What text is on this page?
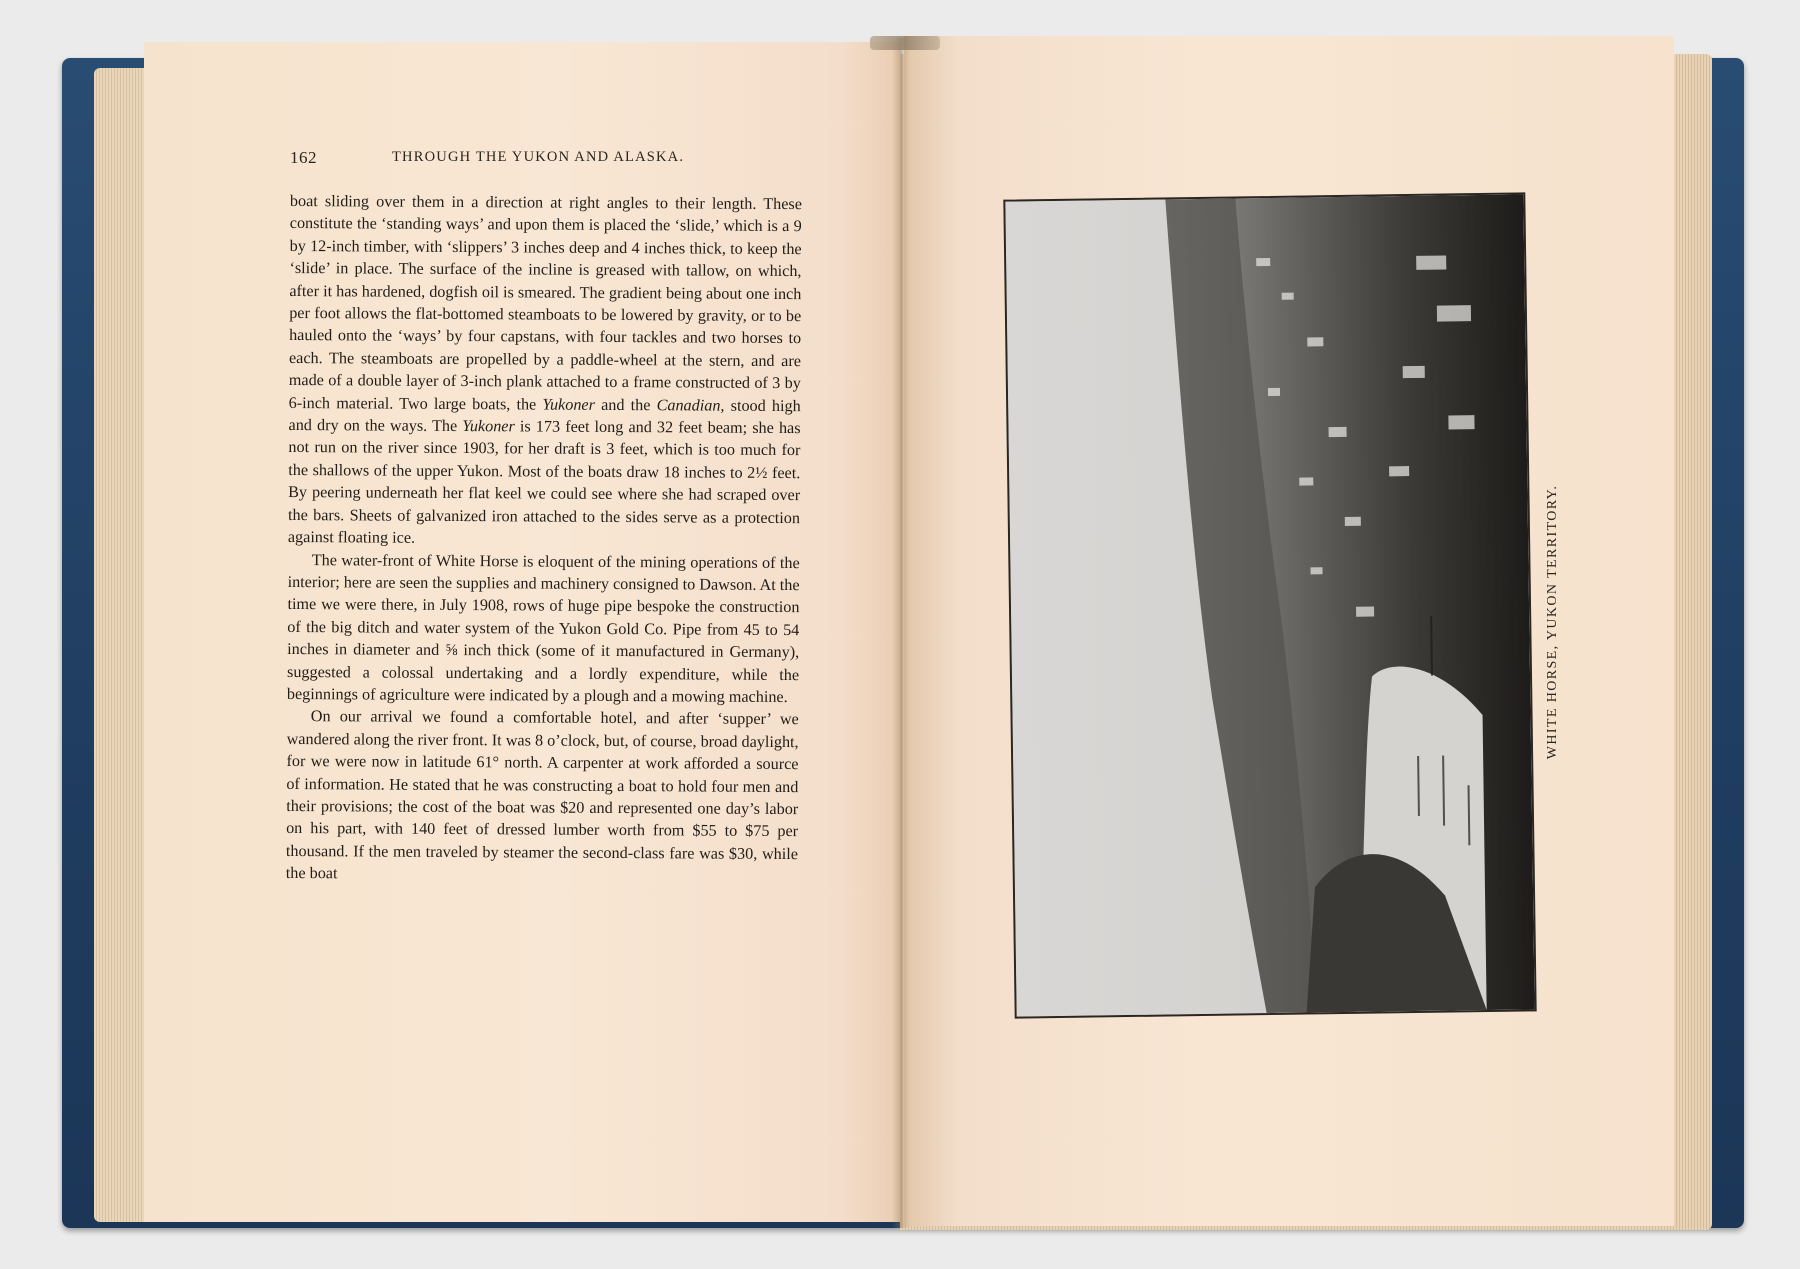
162	THROUGH THE YUKON AND ALASKA.

boat sliding over them in a direction at right angles to their length. These constitute the ‘standing ways’ and upon them is placed the ‘slide,’ which is a 9 by 12-inch timber, with ‘slippers’ 3 inches deep and 4 inches thick, to keep the ‘slide’ in place. The surface of the incline is greased with tallow, on which, after it has hardened, dogfish oil is smeared. The gradient being about one inch per foot allows the flat-bottomed steamboats to be lowered by gravity, or to be hauled onto the ‘ways’ by four capstans, with four tackles and two horses to each. The steamboats are propelled by a paddle-wheel at the stern, and are made of a double layer of 3-inch plank attached to a frame constructed of 3 by 6-inch material. Two large boats, the Yukoner and the Canadian, stood high and dry on the ways. The Yukoner is 173 feet long and 32 feet beam; she has not run on the river since 1903, for her draft is 3 feet, which is too much for the shallows of the upper Yukon. Most of the boats draw 18 inches to 2½ feet. By peering underneath her flat keel we could see where she had scraped over the bars. Sheets of galvanized iron attached to the sides serve as a protection against floating ice.

The water-front of White Horse is eloquent of the mining operations of the interior; here are seen the supplies and machinery consigned to Dawson. At the time we were there, in July 1908, rows of huge pipe bespoke the construction of the big ditch and water system of the Yukon Gold Co. Pipe from 45 to 54 inches in diameter and ⅝ inch thick (some of it manufactured in Germany), suggested a colossal undertaking and a lordly expenditure, while the beginnings of agriculture were indicated by a plough and a mowing machine.

On our arrival we found a comfortable hotel, and after ‘supper’ we wandered along the river front. It was 8 o’clock, but, of course, broad daylight, for we were now in latitude 61° north. A carpenter at work afforded a source of information. He stated that he was constructing a boat to hold four men and their provisions; the cost of the boat was $20 and represented one day’s labor on his part, with 140 feet of dressed lumber worth from $55 to $75 per thousand. If the men traveled by steamer the second-class fare was $30, while the boat

WHITE HORSE, YUKON TERRITORY.
